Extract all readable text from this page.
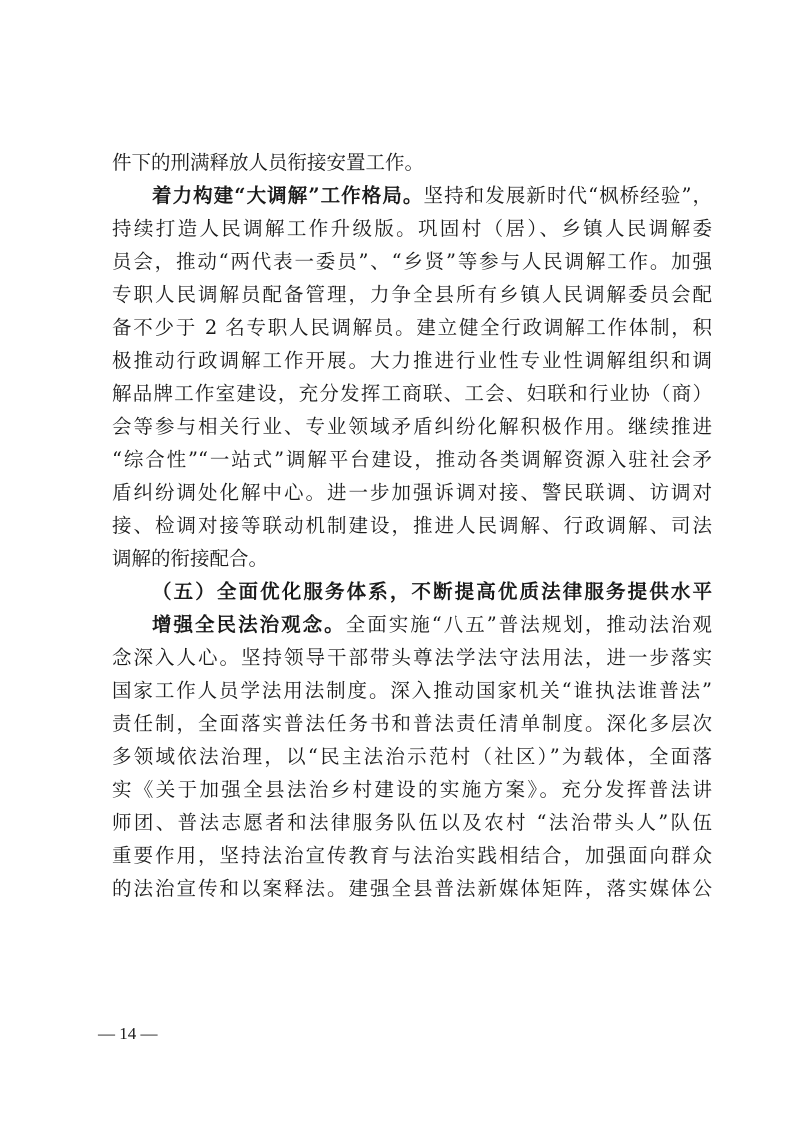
件下的刑满释放人员衔接安置工作。
着力构建“大调解”工作格局。坚持和发展新时代“枫桥经验”，
持续打造人民调解工作升级版。巩固村（居）、乡镇人民调解委
员会，推动“两代表一委员”、“乡贤”等参与人民调解工作。加强
专职人民调解员配备管理，力争全县所有乡镇人民调解委员会配
备不少于 2 名专职人民调解员。建立健全行政调解工作体制，积
极推动行政调解工作开展。大力推进行业性专业性调解组织和调
解品牌工作室建设，充分发挥工商联、工会、妇联和行业协（商）
会等参与相关行业、专业领域矛盾纠纷化解积极作用。继续推进
“综合性”“一站式”调解平台建设，推动各类调解资源入驻社会矛
盾纠纷调处化解中心。进一步加强诉调对接、警民联调、访调对
接、检调对接等联动机制建设，推进人民调解、行政调解、司法
调解的衔接配合。
（五）全面优化服务体系，不断提高优质法律服务提供水平
增强全民法治观念。全面实施“八五”普法规划，推动法治观
念深入人心。坚持领导干部带头尊法学法守法用法，进一步落实
国家工作人员学法用法制度。深入推动国家机关“谁执法谁普法”
责任制，全面落实普法任务书和普法责任清单制度。深化多层次
多领域依法治理，以“民主法治示范村（社区）”为载体，全面落
实《关于加强全县法治乡村建设的实施方案》。充分发挥普法讲
师团、普法志愿者和法律服务队伍以及农村 “法治带头人”队伍
重要作用，坚持法治宣传教育与法治实践相结合，加强面向群众
的法治宣传和以案释法。建强全县普法新媒体矩阵，落实媒体公
— 14 —
